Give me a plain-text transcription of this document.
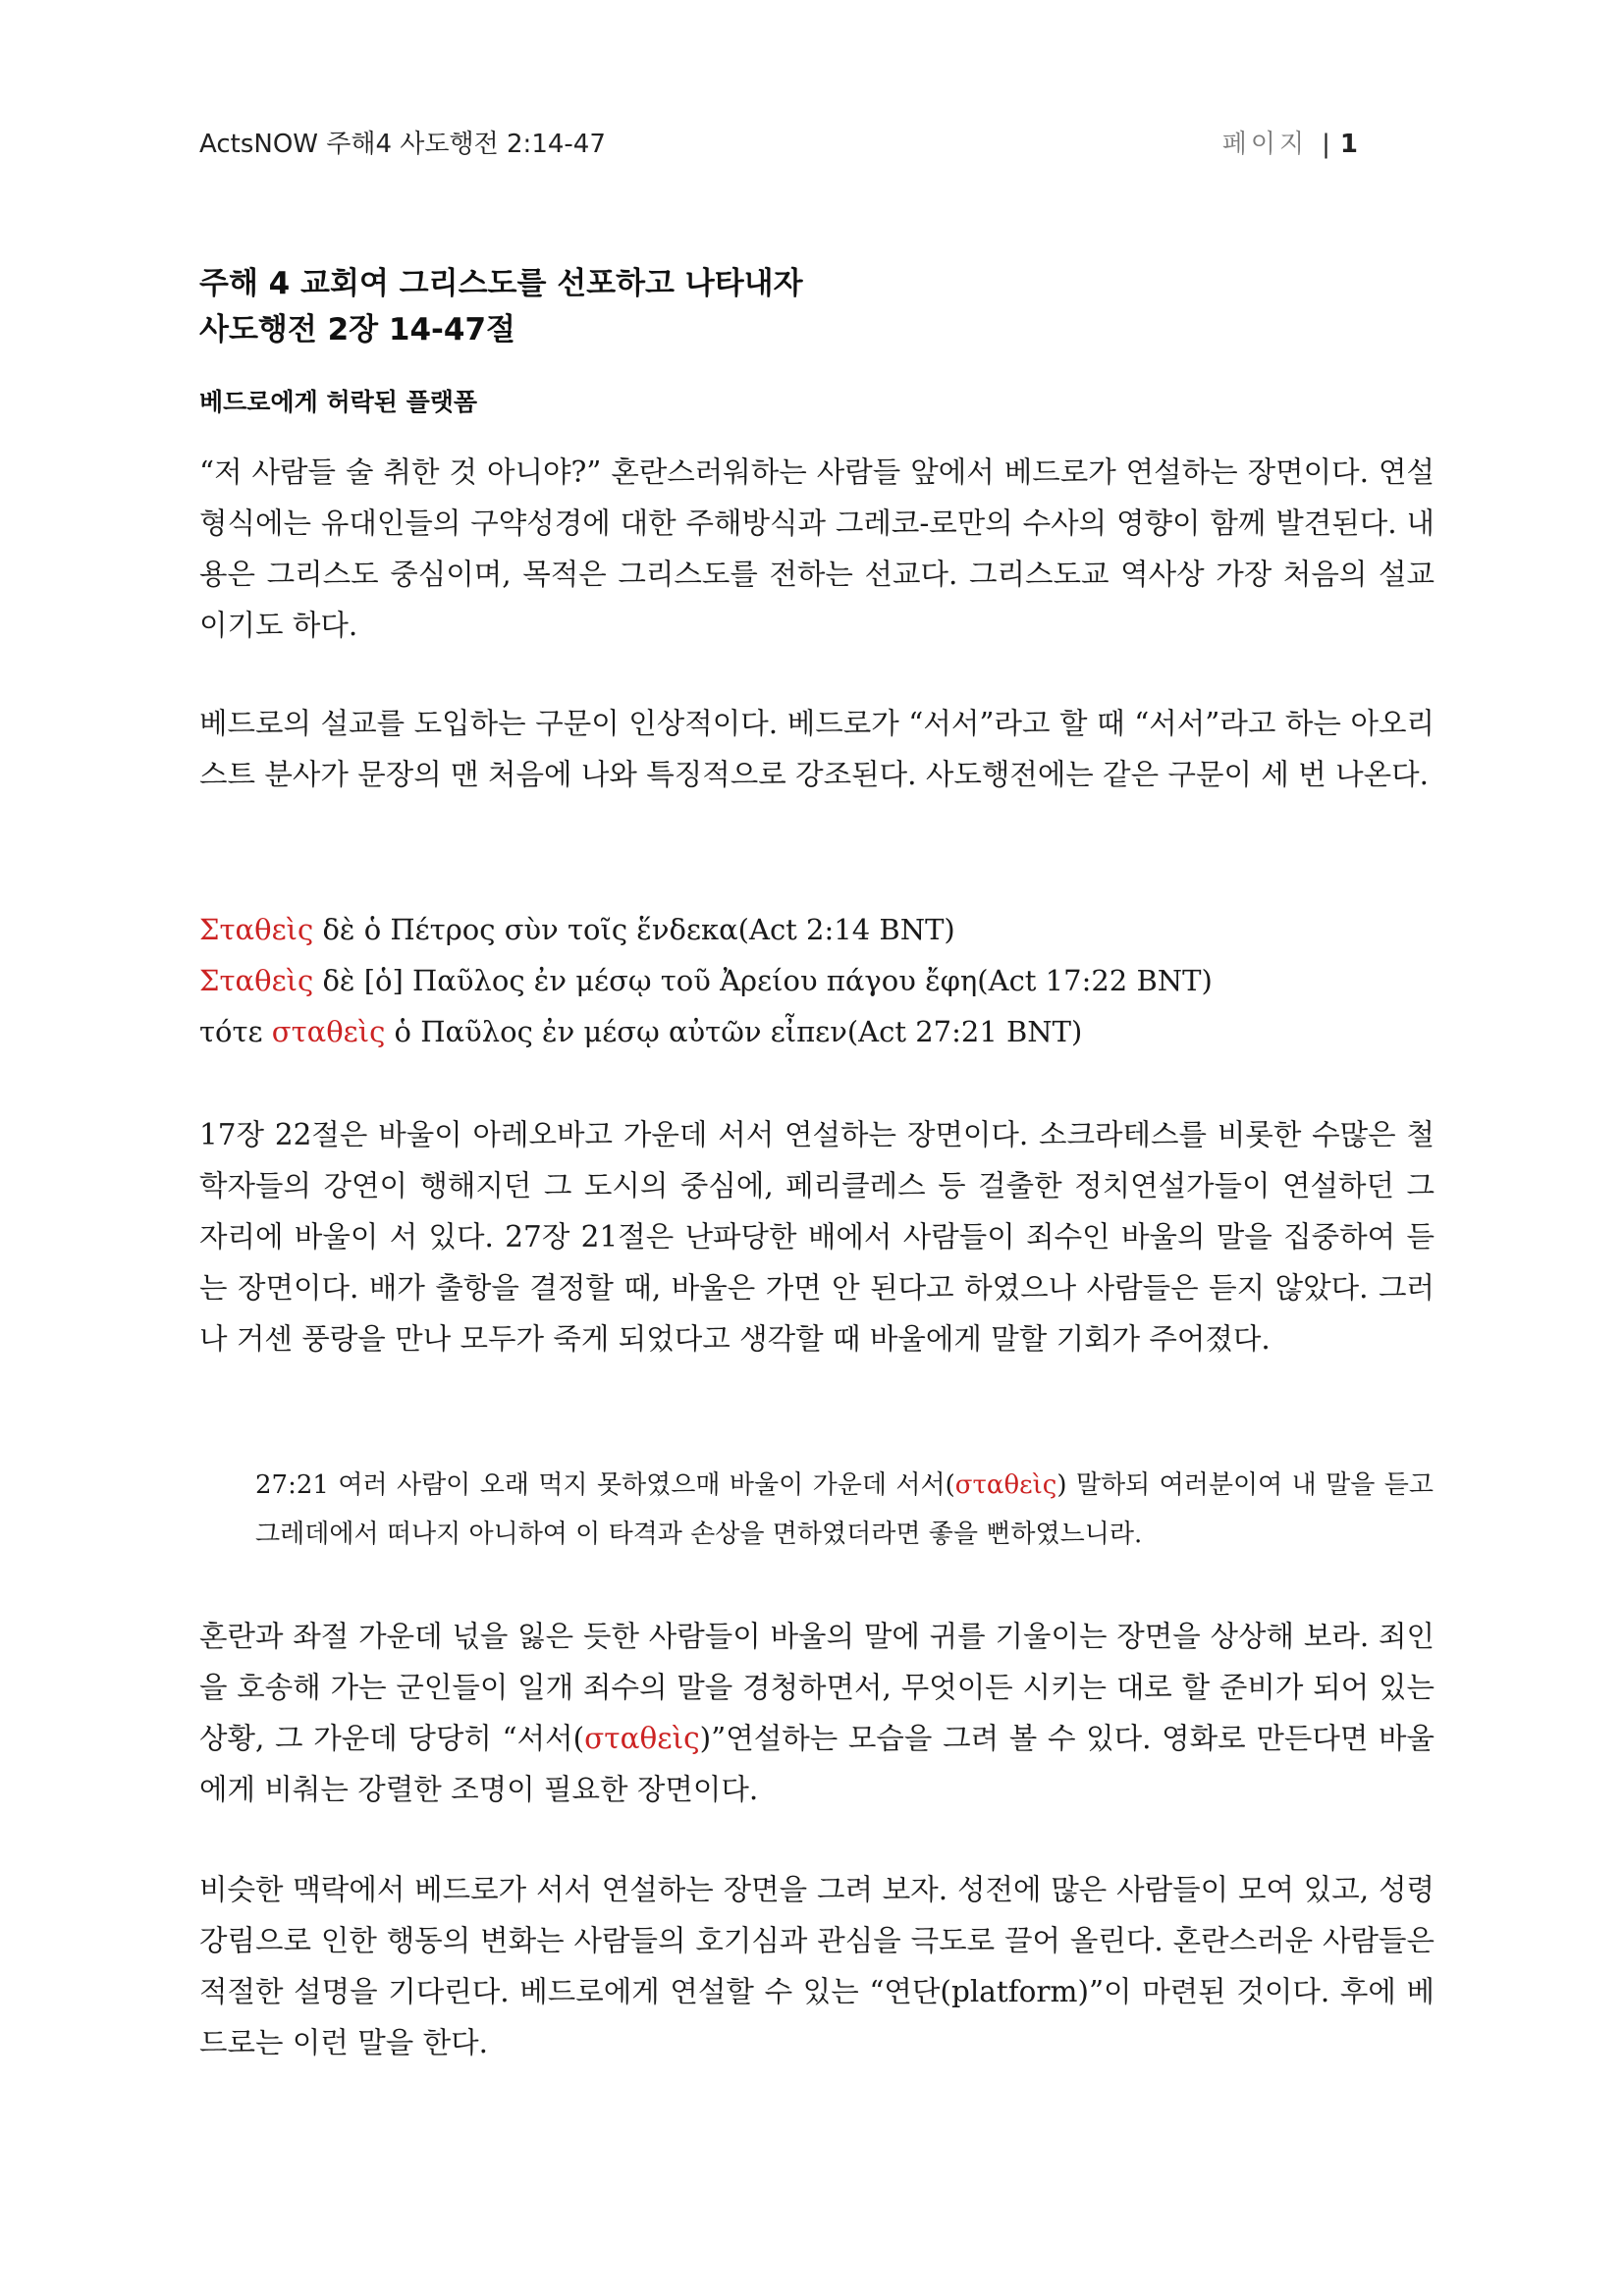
ActsNOW 주해4 사도행전 2:14-47	페이지 | 1
주해 4 교회여 그리스도를 선포하고 나타내자
사도행전 2장 14-47절
베드로에게 허락된 플랫폼

“저 사람들 술 취한 것 아니야?” 혼란스러워하는 사람들 앞에서 베드로가 연설하는 장면이다. 연설형식에는 유대인들의 구약성경에 대한 주해방식과 그레코-로만의 수사의 영향이 함께 발견된다. 내용은 그리스도 중심이며, 목적은 그리스도를 전하는 선교다. 그리스도교 역사상 가장 처음의 설교이기도 하다.

베드로의 설교를 도입하는 구문이 인상적이다. 베드로가 “서서”라고 할 때 “서서”라고 하는 아오리스트 분사가 문장의 맨 처음에 나와 특징적으로 강조된다. 사도행전에는 같은 구문이 세 번 나온다.

Σταθεὶς δὲ ὁ Πέτρος σὺν τοῖς ἕνδεκα(Act 2:14 BNT)
Σταθεὶς δὲ [ὁ] Παῦλος ἐν μέσῳ τοῦ Ἀρείου πάγου ἔφη(Act 17:22 BNT)
τότε σταθεὶς ὁ Παῦλος ἐν μέσῳ αὐτῶν εἶπεν(Act 27:21 BNT)

17장 22절은 바울이 아레오바고 가운데 서서 연설하는 장면이다. 소크라테스를 비롯한 수많은 철학자들의 강연이 행해지던 그 도시의 중심에, 페리클레스 등 걸출한 정치연설가들이 연설하던 그 자리에 바울이 서 있다. 27장 21절은 난파당한 배에서 사람들이 죄수인 바울의 말을 집중하여 듣는 장면이다. 배가 출항을 결정할 때, 바울은 가면 안 된다고 하였으나 사람들은 듣지 않았다. 그러나 거센 풍랑을 만나 모두가 죽게 되었다고 생각할 때 바울에게 말할 기회가 주어졌다.

27:21 여러 사람이 오래 먹지 못하였으매 바울이 가운데 서서(σταθεὶς) 말하되 여러분이여 내 말을 듣고 그레데에서 떠나지 아니하여 이 타격과 손상을 면하였더라면 좋을 뻔하였느니라.

혼란과 좌절 가운데 넋을 잃은 듯한 사람들이 바울의 말에 귀를 기울이는 장면을 상상해 보라. 죄인을 호송해 가는 군인들이 일개 죄수의 말을 경청하면서, 무엇이든 시키는 대로 할 준비가 되어 있는 상황, 그 가운데 당당히 “서서(σταθεὶς)”연설하는 모습을 그려 볼 수 있다. 영화로 만든다면 바울에게 비춰는 강렬한 조명이 필요한 장면이다.

비슷한 맥락에서 베드로가 서서 연설하는 장면을 그려 보자. 성전에 많은 사람들이 모여 있고, 성령강림으로 인한 행동의 변화는 사람들의 호기심과 관심을 극도로 끌어 올린다. 혼란스러운 사람들은 적절한 설명을 기다린다. 베드로에게 연설할 수 있는 “연단(platform)”이 마련된 것이다. 후에 베드로는 이런 말을 한다.
